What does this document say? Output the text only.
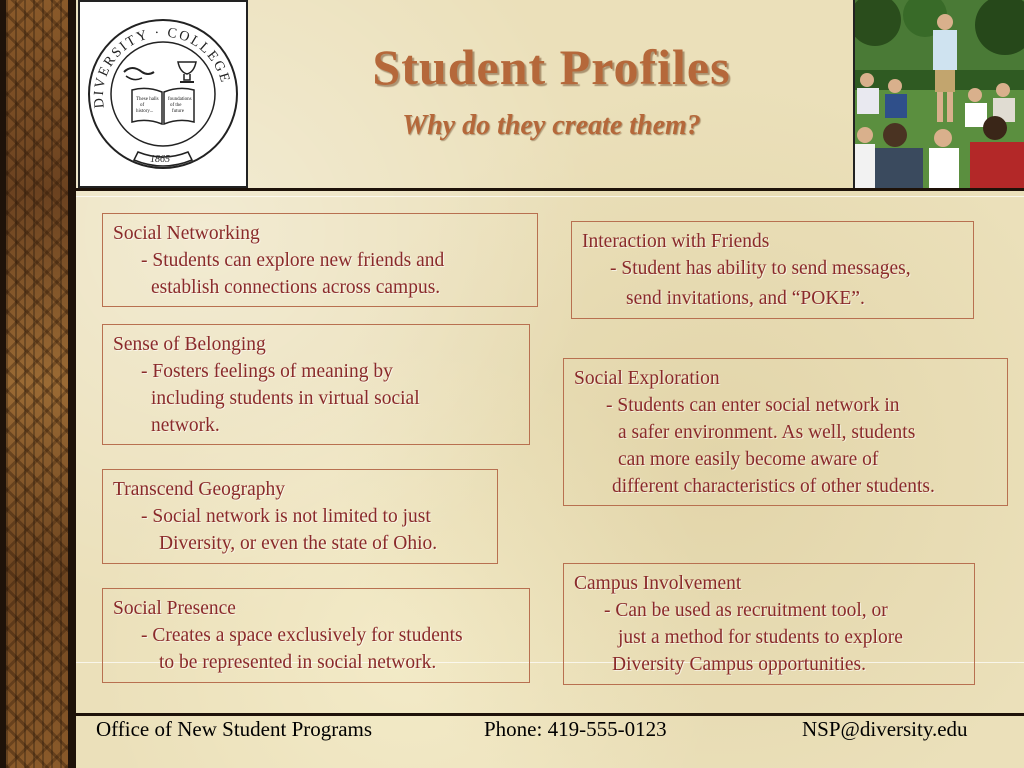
DIVERSITY · COLLEGE
These halls
of
history...
foundations
of the
future
1865
Student Profiles
Why do they create them?
Social Networking
- Students can explore new friends and
establish connections across campus.
Interaction with Friends
- Student has ability to send messages,
send invitations, and “POKE”.
Sense of Belonging
- Fosters feelings of meaning by
including students in virtual social
network.
Social Exploration
- Students can enter social network in
a safer environment. As well, students
can more easily become aware of
different characteristics of other students.
Transcend Geography
- Social network is not limited to just
Diversity, or even the state of Ohio.
Campus Involvement
- Can be used as recruitment tool, or
just a method for students to explore
Diversity Campus opportunities.
Social Presence
- Creates a space exclusively for students
to be represented in social network.
Office of New Student Programs	Phone: 419-555-0123	NSP@diversity.edu
